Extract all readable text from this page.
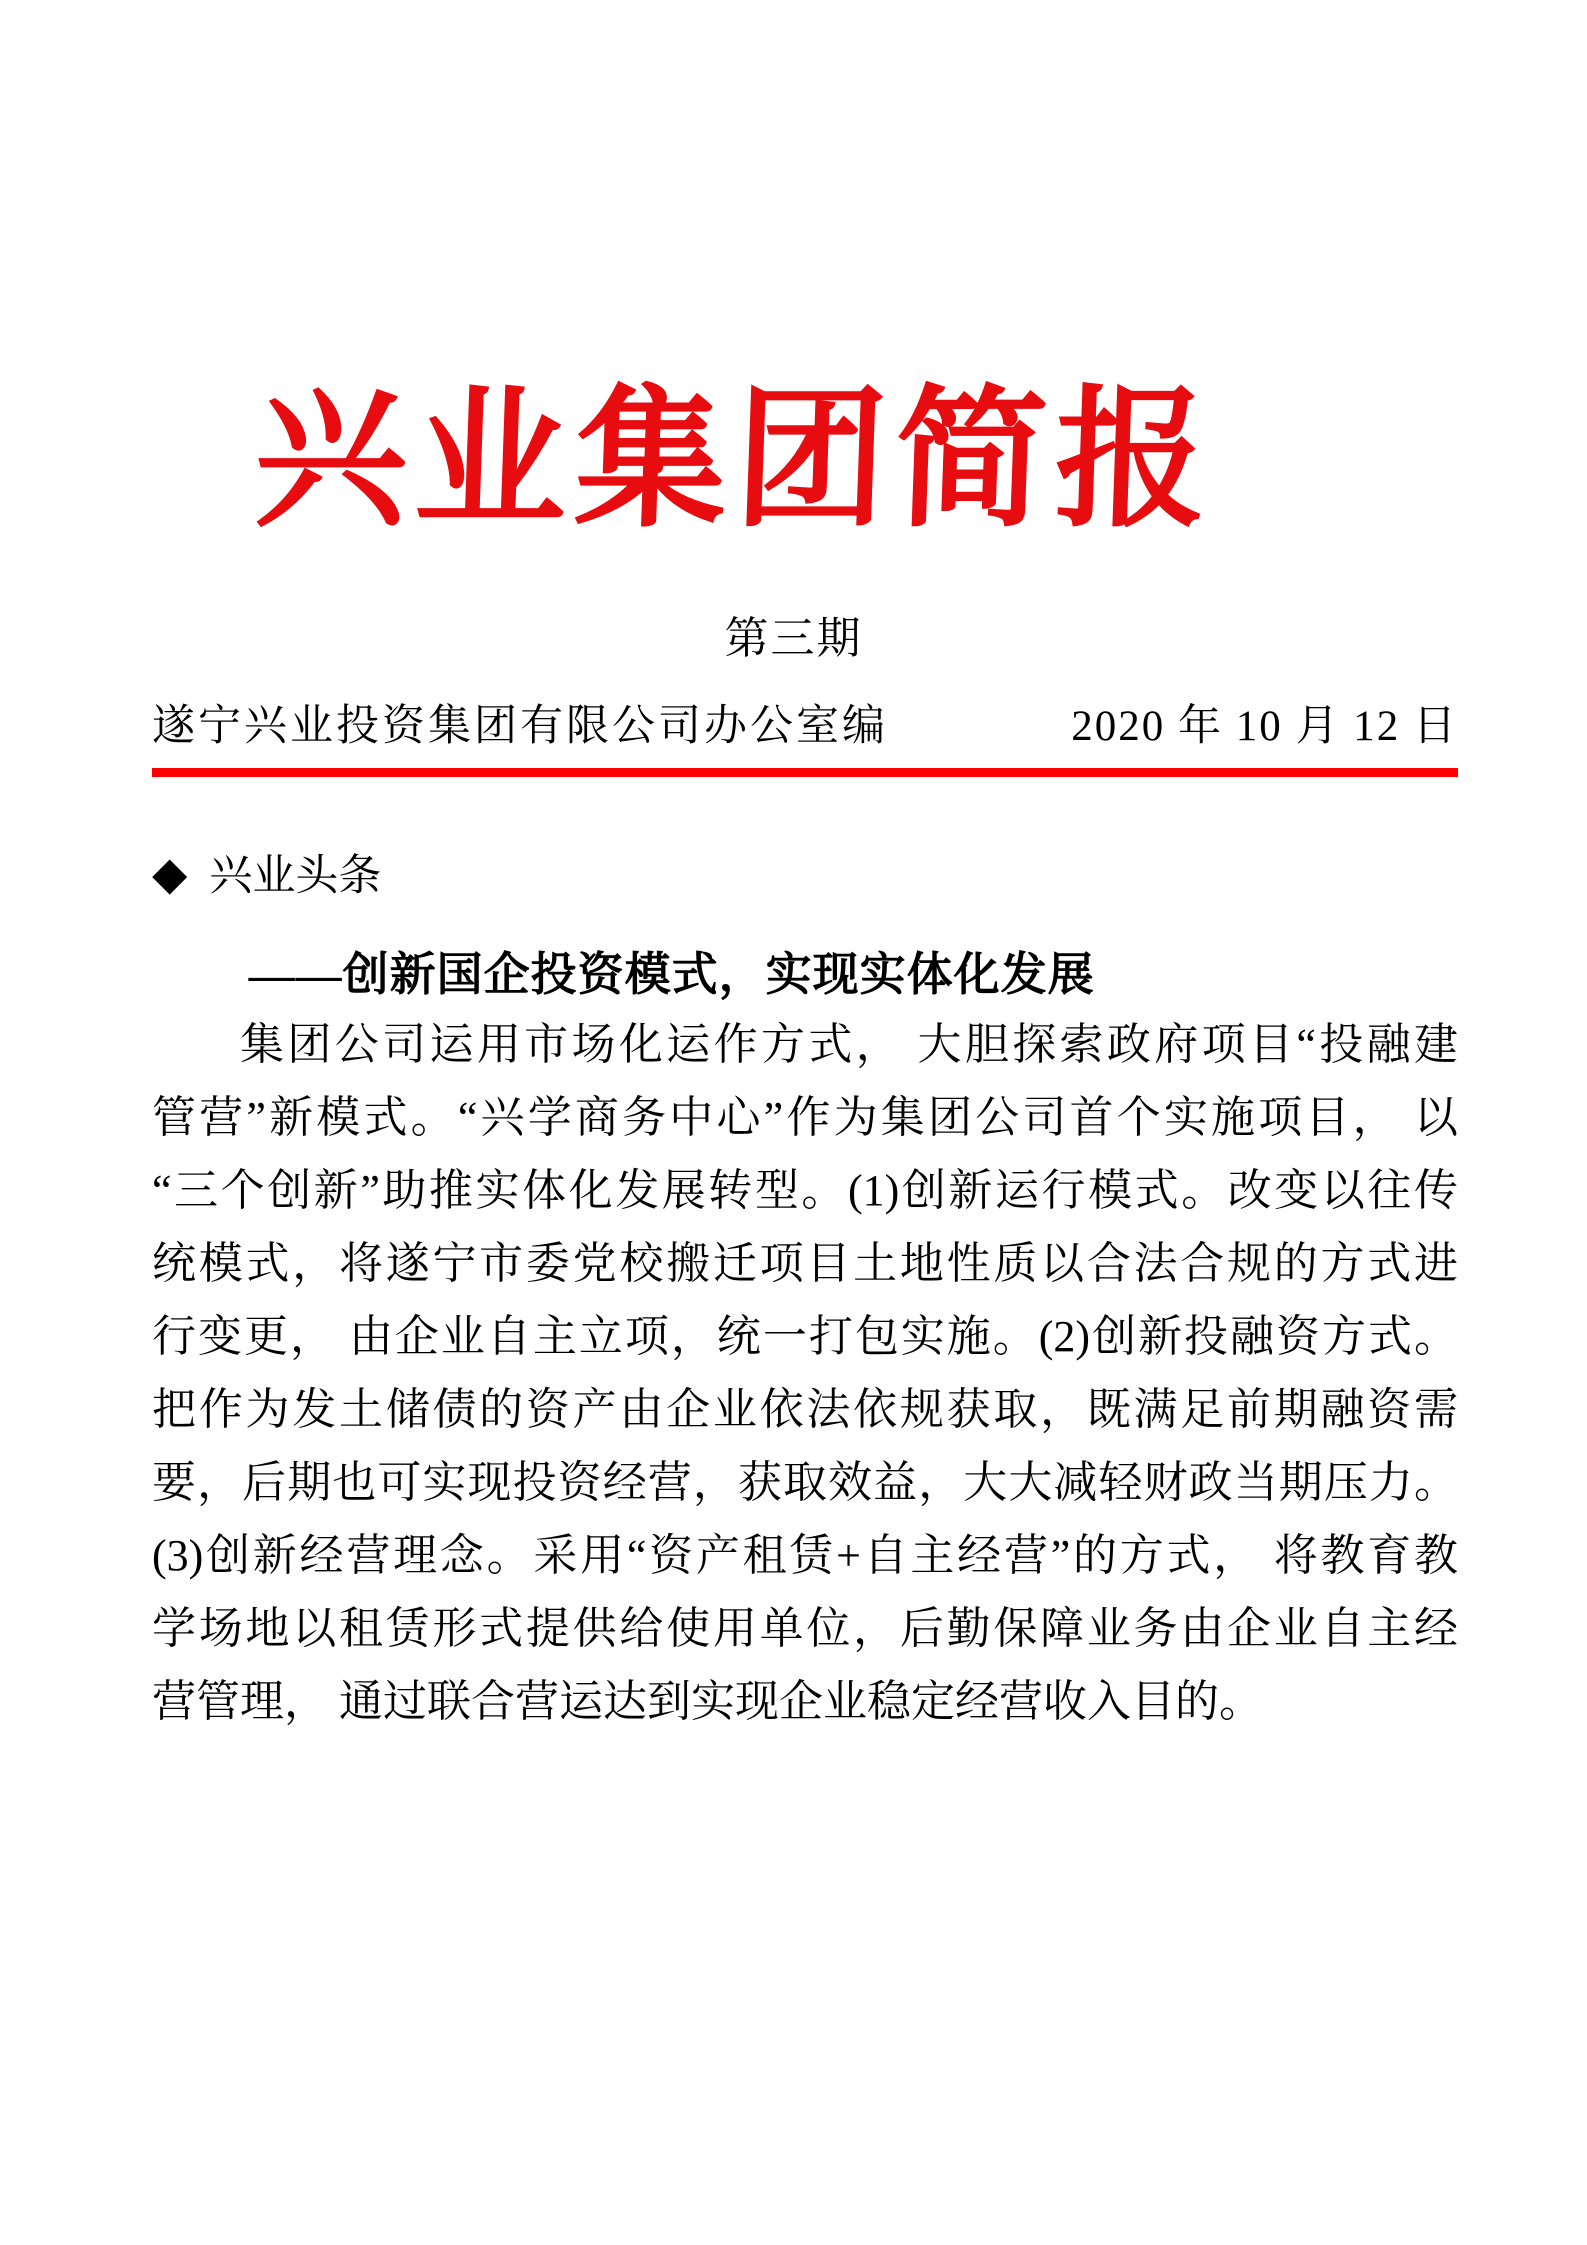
兴业集团简报
第三期
遂宁兴业投资集团有限公司办公室编	2020 年 10 月 12 日
◆ 兴业头条
——创新国企投资模式，实现实体化发展
集团公司运用市场化运作方式， 大胆探索政府项目“投融建
管营”新模式。“兴学商务中心”作为集团公司首个实施项目， 以
“三个创新”助推实体化发展转型。(1)创新运行模式。改变以往传
统模式，将遂宁市委党校搬迁项目土地性质以合法合规的方式进
行变更， 由企业自主立项，统一打包实施。(2)创新投融资方式。
把作为发土储债的资产由企业依法依规获取，既满足前期融资需
要，后期也可实现投资经营，获取效益，大大减轻财政当期压力。
(3)创新经营理念。采用“资产租赁+自主经营”的方式， 将教育教
学场地以租赁形式提供给使用单位，后勤保障业务由企业自主经
营管理， 通过联合营运达到实现企业稳定经营收入目的。
